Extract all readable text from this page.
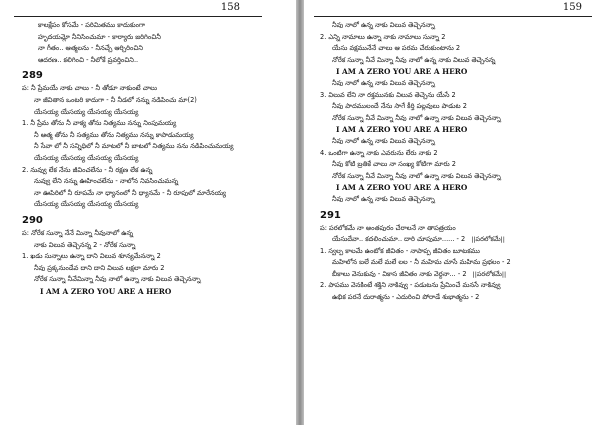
158
కాలక్షేపం కోసమే - పరిమితము కాదుకుంగా
హృదయమ్లో నీనిసించుమా - కార్యారు జరిగించినీ
నా గీతం.. ఆత్మలను - నీనచ్చే ఆర్చిరించిని
ఆదరణ.. కలిగించి - నీలోకే ప్రవర్తించిని..
289
ప: నీ ప్రేమయే నాకు చాలు - నీ తోడూ నాకుంటే చాలు
నా జీవితాన ఒంటరి కాదుగా - నీ నీడలో నన్ను నడిపించు మా(2)
యేసయ్య యేసయ్య యేసయ్య యేసయ్య
1. నీ ప్రేమ తోను నీ వాక్య తోను నిత్యము నన్ను నింపుమయ్య
నీ ఆత్మ తోను నీ సత్యము తోను నిత్యము నన్ను కాపాడుమయ్య
నీ సేవా లో నీ సన్నిధిలో నీ మాటలో నీ బాటలో నిత్యము నను నడిపించుమయ్య
యేసయ్య యేసయ్య యేసయ్య యేసయ్య
2. నువ్వు లేక నేను జీవించలేను - నీ రక్షణ లేక ఉన్న
నువ్వు లేని నన్ను ఊహించలేను - నాలోన నివసించుమన్న
నా ఊపిరిలో నీ రూపమే నా ధ్యానంలో నీ ధ్యానమే - నీ రూపులో మారేనయ్య
యేసయ్య యేసయ్య యేసయ్య యేసయ్య
290
ప: నోరేక సున్నా నేనే మిన్నా నీవునాలో ఉన్న
నాకు విలువ తెచ్చెనన్న 2 - నోరేక సున్నా
1. ఖడు సున్నాలు ఉన్నా దాని విలువ శూన్యమేనన్నా 2
నీవు ప్రక్కనుండేవ దాని దాని విలువ లక్షలా మారు 2
నోరేక సున్నా నీవేమిన్నా నీవు నాలో ఉన్నా నాకు విలువ తెచ్చెనన్నా
I AM A ZERO YOU ARE A HERO
159
నీవు నాలో ఉన్న నాకు విలువ తెచ్చెనన్నా
2. ఎన్ని నామాలు ఉన్నా నాకు నామాలు సున్నా 2
యేసు వక్షమునేనే చాలు ఆ పరమ చేరుకుంటాను 2
నోరేక సున్నా నీవే మిన్నా నీవు నాలో ఉన్న నాకు విలువ తెచ్చెనన్న
I AM A ZERO YOU ARE A HERO
నీవు నాలో ఉన్న నాకు విలువ తెచ్చెనన్నా
3. విలువ లేని నా రక్తమునకు విలువ తెచ్చెను యేసే 2
నీవు పాదములందే నేను సాగే కీర్తి పల్లవులు పాడుట 2
నోరేక సున్నా నీవే మిన్నా నీవు నాలో ఉన్నా నాకు విలువ తెచ్చెనన్నా
I AM A ZERO YOU ARE A HERO
నీవు నాలో ఉన్న నాకు విలువ తెచ్చెనన్నా
4. ఒంటిగా ఉన్నా నాకు ఎవరును లేరు నాకు 2
నీవు కోటి బ్రతికే చాలు నా సంఖ్య కోటిగా మారు 2
నోరేక సున్నా నీవే మిన్నా నీవు నాలో ఉన్నా నాకు విలువ తెచ్చెనన్నా
I AM A ZERO YOU ARE A HERO
నీవు నాలో ఉన్న నాకు విలువ తెచ్చెనన్నా
291
ప: పరలోకమే నా అంతపురం చేరాలనే నా తాపత్రయం
యేసుదేవా.. కదలించుమా.. దారి చూపుమా...... - 2 ||పరలోకమే||
1. స్వల్ప కాలమే ఉంటోక జీవితం - నాపాప్ప జీవితం బూటకము
మహిలోన బలే మలే మలే లల - నీ మహిమ చూసే మహిమ ప్రభలం - 2
బీకాలు వెనుకువు - వికాస జీవితం నాకు వెర్దనా... - 2 ||పరలోకమే||
2. పాపము వెనకింటే శక్తిని నాకివ్వు - పడుటను ప్రేమించే మనసే నాకివ్వు
ఉభిక పరనే దురాత్మను - ఎదురించి పోరాడే శుభాత్మను - 2
